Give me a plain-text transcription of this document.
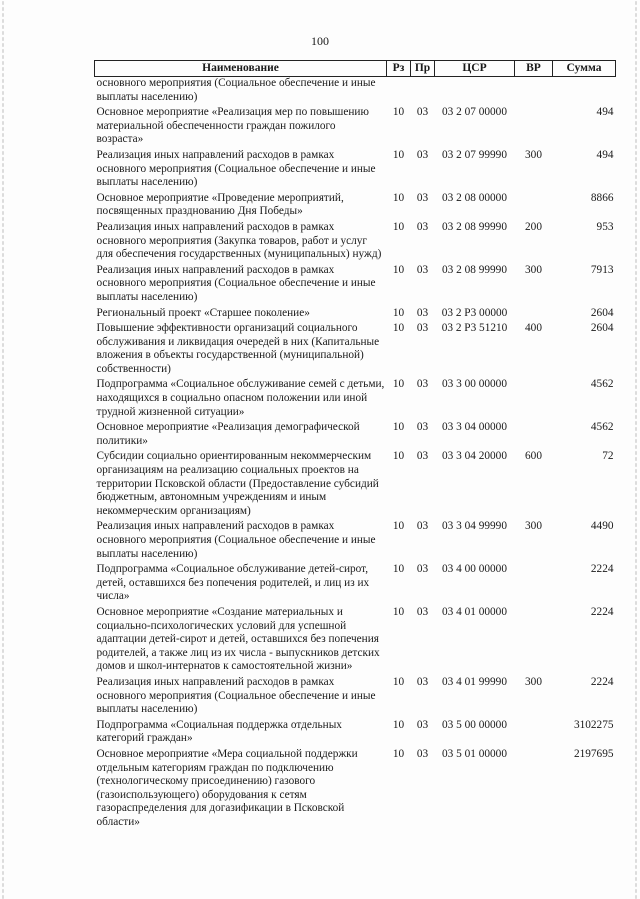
100
Наименование	Рз	Пр	ЦСР	ВР	Сумма
основного мероприятия (Социальное обеспечение и иные выплаты населению)					
Основное мероприятие «Реализация мер по повышению материальной обеспеченности граждан пожилого возраста»	10	03	03 2 07 00000		494
Реализация иных направлений расходов в рамках основного мероприятия (Социальное обеспечение и иные выплаты населению)	10	03	03 2 07 99990	300	494
Основное мероприятие «Проведение мероприятий, посвященных празднованию Дня Победы»	10	03	03 2 08 00000		8866
Реализация иных направлений расходов в рамках основного мероприятия (Закупка товаров, работ и услуг для обеспечения государственных (муниципальных) нужд)	10	03	03 2 08 99990	200	953
Реализация иных направлений расходов в рамках основного мероприятия (Социальное обеспечение и иные выплаты населению)	10	03	03 2 08 99990	300	7913
Региональный проект «Старшее поколение»	10	03	03 2 P3 00000		2604
Повышение эффективности организаций социального обслуживания и ликвидация очередей в них (Капитальные вложения в объекты государственной (муниципальной) собственности)	10	03	03 2 P3 51210	400	2604
Подпрограмма «Социальное обслуживание семей с детьми, находящихся в социально опасном положении или иной трудной жизненной ситуации»	10	03	03 3 00 00000		4562
Основное мероприятие «Реализация демографической политики»	10	03	03 3 04 00000		4562
Субсидии социально ориентированным некоммерческим организациям на реализацию социальных проектов на территории Псковской области (Предоставление субсидий бюджетным, автономным учреждениям и иным некоммерческим организациям)	10	03	03 3 04 20000	600	72
Реализация иных направлений расходов в рамках основного мероприятия (Социальное обеспечение и иные выплаты населению)	10	03	03 3 04 99990	300	4490
Подпрограмма «Социальное обслуживание детей-сирот, детей, оставшихся без попечения родителей, и лиц из их числа»	10	03	03 4 00 00000		2224
Основное мероприятие «Создание материальных и социально-психологических условий для успешной адаптации детей-сирот и детей, оставшихся без попечения родителей, а также лиц из их числа - выпускников детских домов и школ-интернатов к самостоятельной жизни»	10	03	03 4 01 00000		2224
Реализация иных направлений расходов в рамках основного мероприятия (Социальное обеспечение и иные выплаты населению)	10	03	03 4 01 99990	300	2224
Подпрограмма «Социальная поддержка отдельных категорий граждан»	10	03	03 5 00 00000		3102275
Основное мероприятие «Мера социальной поддержки отдельным категориям граждан по подключению (технологическому присоединению) газового (газоиспользующего) оборудования к сетям газораспределения для догазификации в Псковской области»	10	03	03 5 01 00000		2197695
